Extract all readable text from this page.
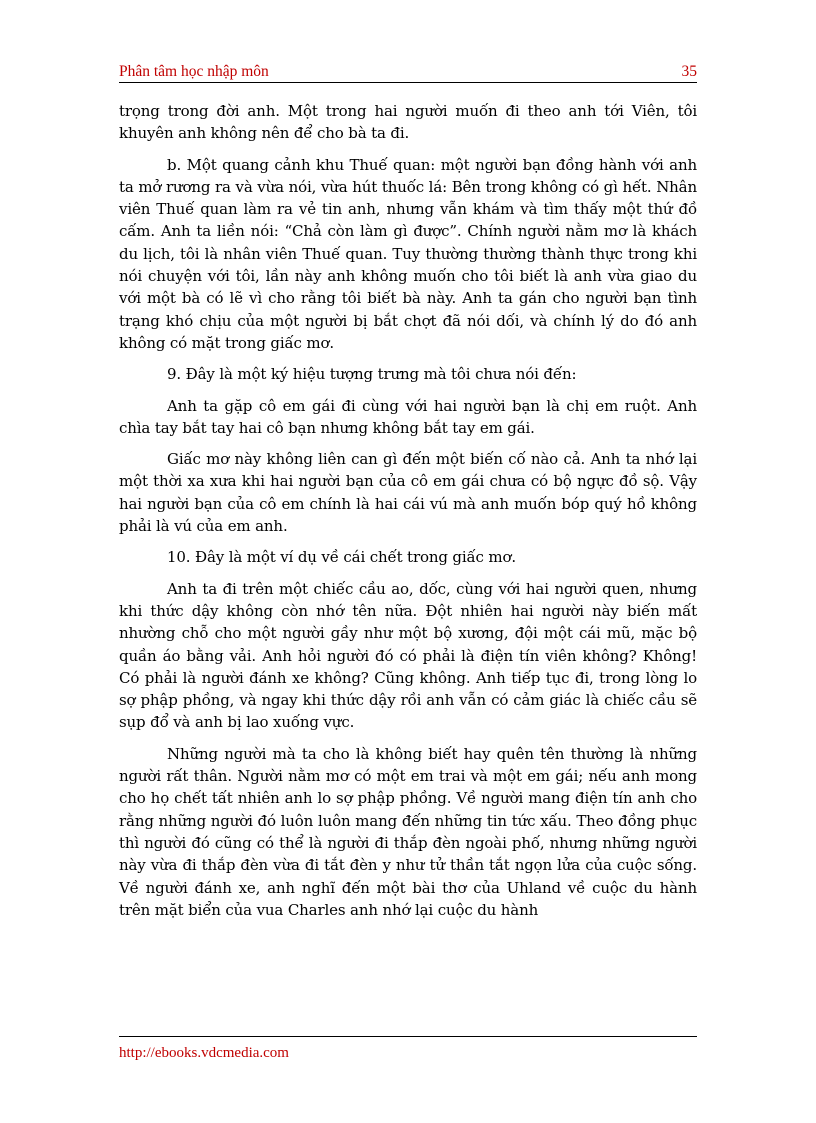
Phân tâm học nhập môn	35

trọng trong đời anh. Một trong hai người muốn đi theo anh tới Viên, tôi khuyên anh không nên để cho bà ta đi.

b. Một quang cảnh khu Thuế quan: một người bạn đồng hành với anh ta mở rương ra và vừa nói, vừa hút thuốc lá: Bên trong không có gì hết. Nhân viên Thuế quan làm ra vẻ tin anh, nhưng vẫn khám và tìm thấy một thứ đồ cấm. Anh ta liền nói: “Chả còn làm gì được”. Chính người nằm mơ là khách du lịch, tôi là nhân viên Thuế quan. Tuy thường thường thành thực trong khi nói chuyện với tôi, lần này anh không muốn cho tôi biết là anh vừa giao du với một bà có lẽ vì cho rằng tôi biết bà này. Anh ta gán cho người bạn tình trạng khó chịu của một người bị bắt chợt đã nói dối, và chính lý do đó anh không có mặt trong giấc mơ.

9. Đây là một ký hiệu tượng trưng mà tôi chưa nói đến:

Anh ta gặp cô em gái đi cùng với hai người bạn là chị em ruột. Anh chìa tay bắt tay hai cô bạn nhưng không bắt tay em gái.

Giấc mơ này không liên can gì đến một biến cố nào cả. Anh ta nhớ lại một thời xa xưa khi hai người bạn của cô em gái chưa có bộ ngực đồ sộ. Vậy hai người bạn của cô em chính là hai cái vú mà anh muốn bóp quý hồ không phải là vú của em anh.

10. Đây là một ví dụ về cái chết trong giấc mơ.

Anh ta đi trên một chiếc cầu ao, dốc, cùng với hai người quen, nhưng khi thức dậy không còn nhớ tên nữa. Đột nhiên hai người này biến mất nhường chỗ cho một người gầy như một bộ xương, đội một cái mũ, mặc bộ quần áo bằng vải. Anh hỏi người đó có phải là điện tín viên không? Không! Có phải là người đánh xe không? Cũng không. Anh tiếp tục đi, trong lòng lo sợ phập phồng, và ngay khi thức dậy rồi anh vẫn có cảm giác là chiếc cầu sẽ sụp đổ và anh bị lao xuống vực.

Những người mà ta cho là không biết hay quên tên thường là những người rất thân. Người nằm mơ có một em trai và một em gái; nếu anh mong cho họ chết tất nhiên anh lo sợ phập phồng. Về người mang điện tín anh cho rằng những người đó luôn luôn mang đến những tin tức xấu. Theo đồng phục thì người đó cũng có thể là người đi thắp đèn ngoài phố, nhưng những người này vừa đi thắp đèn vừa đi tắt đèn y như tử thần tắt ngọn lửa của cuộc sống. Về người đánh xe, anh nghĩ đến một bài thơ của Uhland về cuộc du hành trên mặt biển của vua Charles anh nhớ lại cuộc du hành

http://ebooks.vdcmedia.com
